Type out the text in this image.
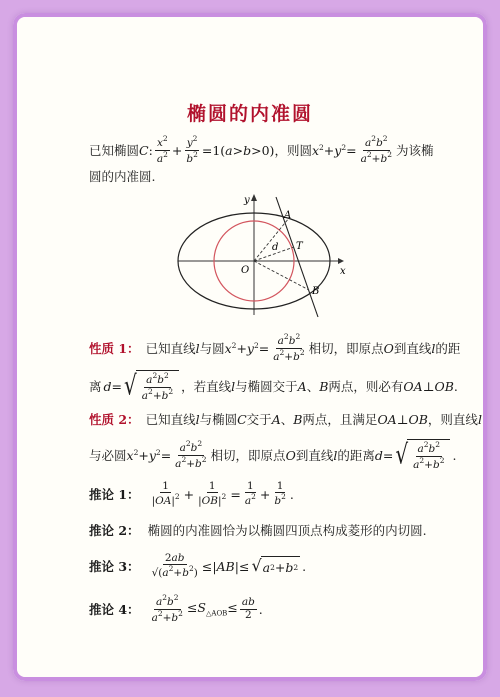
椭圆的内准圆
已知椭圆 C : $\frac{x^2}{a^2} + \frac{y^2}{b^2} =1(a>b>0)$ ，则圆 $x^2+y^2= \frac{a^2b^2}{a^2+b^2}$ 为该椭
圆的内准圆.
y
x
O
A
T
B
d
性质 1： 已知直线 l 与圆 $x^2+y^2= \frac{a^2b^2}{a^2+b^2}$ 相切，即原点 O 到直线 l 的距
离 d = √ $\frac{a^2b^2}{a^2+b^2}$ ，若直线 l 与椭圆交于 A 、 B 两点，则必有 OA⊥OB .
性质 2： 已知直线 l 与椭圆 C 交于 A 、 B 两点，且满足 OA⊥OB ，则直线 l
与必圆 $x^2+y^2= \frac{a^2b^2}{a^2+b^2}$ 相切，即原点 O 到直线 l 的距离 d = √ $\frac{a^2b^2}{a^2+b^2}$ .
推论 1： $\frac{1}{|OA|^2} + \frac{1}{|OB|^2} = \frac{1}{a^2} + \frac{1}{b^2}$ .
推论 2： 椭圆的内准圆恰为以椭圆四顶点构成菱形的内切圆.
推论 3： $\frac{2ab}{√(a^2+b^2)} \le|AB|\le$ √ a 2 + b 2 .
推论 4： $\frac{a^2b^2}{a^2+b^2} \le S_{\triangle AOB}\le \frac{ab}{2}$ .
